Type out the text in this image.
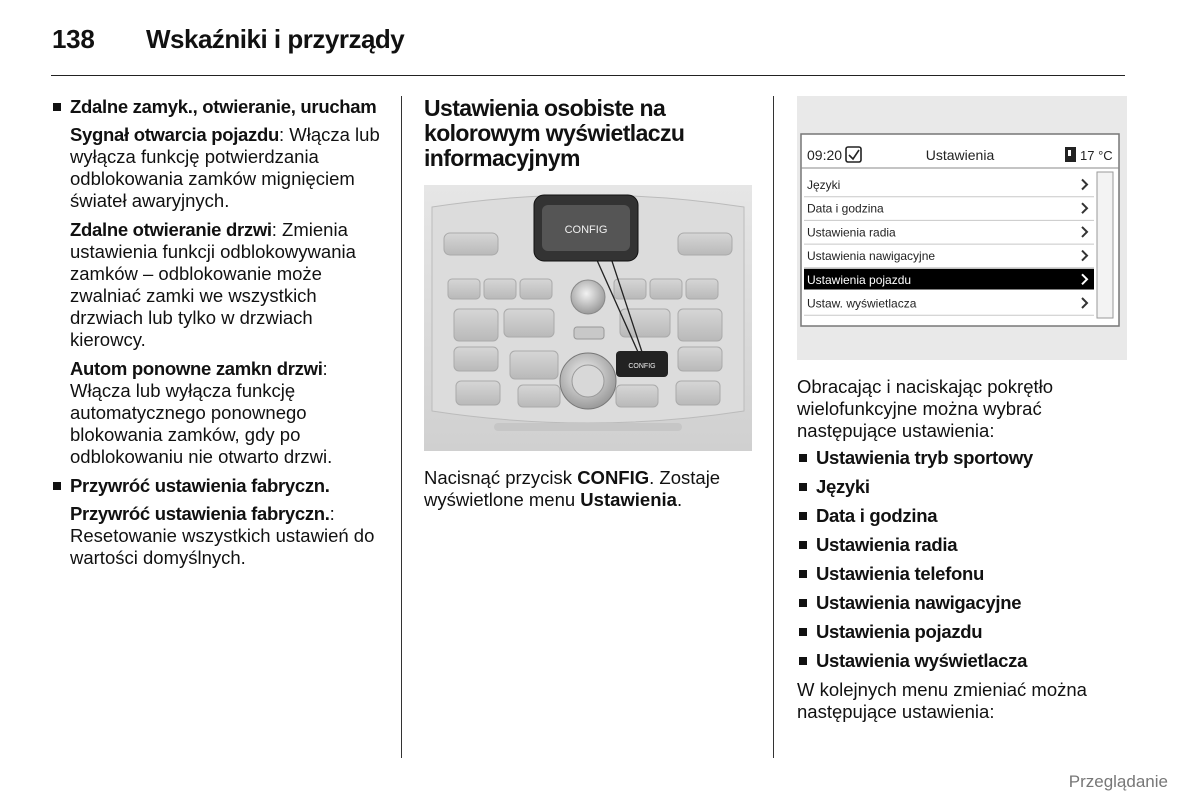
138 Wskaźniki i przyrządy
Zdalne zamyk., otwieranie, urucham

Sygnał otwarcia pojazdu: Włącza lub wyłącza funkcję potwierdzania odblokowania zamków mignięciem świateł awaryjnych.

Zdalne otwieranie drzwi: Zmienia ustawienia funkcji odblokowywania zamków – odblokowanie może zwalniać zamki we wszystkich drzwiach lub tylko w drzwiach kierowcy.

Autom ponowne zamkn drzwi: Włącza lub wyłącza funkcję automatycznego ponownego blokowania zamków, gdy po odblokowaniu nie otwarto drzwi.

Przywróć ustawienia fabryczn.

Przywróć ustawienia fabryczn.: Resetowanie wszystkich ustawień do wartości domyślnych.

Ustawienia osobiste na kolorowym wyświetlaczu informacyjnym
CONFIG
CONFIG

Nacisnąć przycisk CONFIG. Zostaje wyświetlone menu Ustawienia.

09:20	Ustawienia	17 °C
Języki
Data i godzina
Ustawienia radia
Ustawienia nawigacyjne
Ustawienia pojazdu
Ustaw. wyświetlacza

Obracając i naciskając pokrętło wielofunkcyjne można wybrać następujące ustawienia:

Ustawienia tryb sportowy
Języki
Data i godzina
Ustawienia radia
Ustawienia telefonu
Ustawienia nawigacyjne
Ustawienia pojazdu
Ustawienia wyświetlacza

W kolejnych menu zmieniać można następujące ustawienia:

Przeglądanie
